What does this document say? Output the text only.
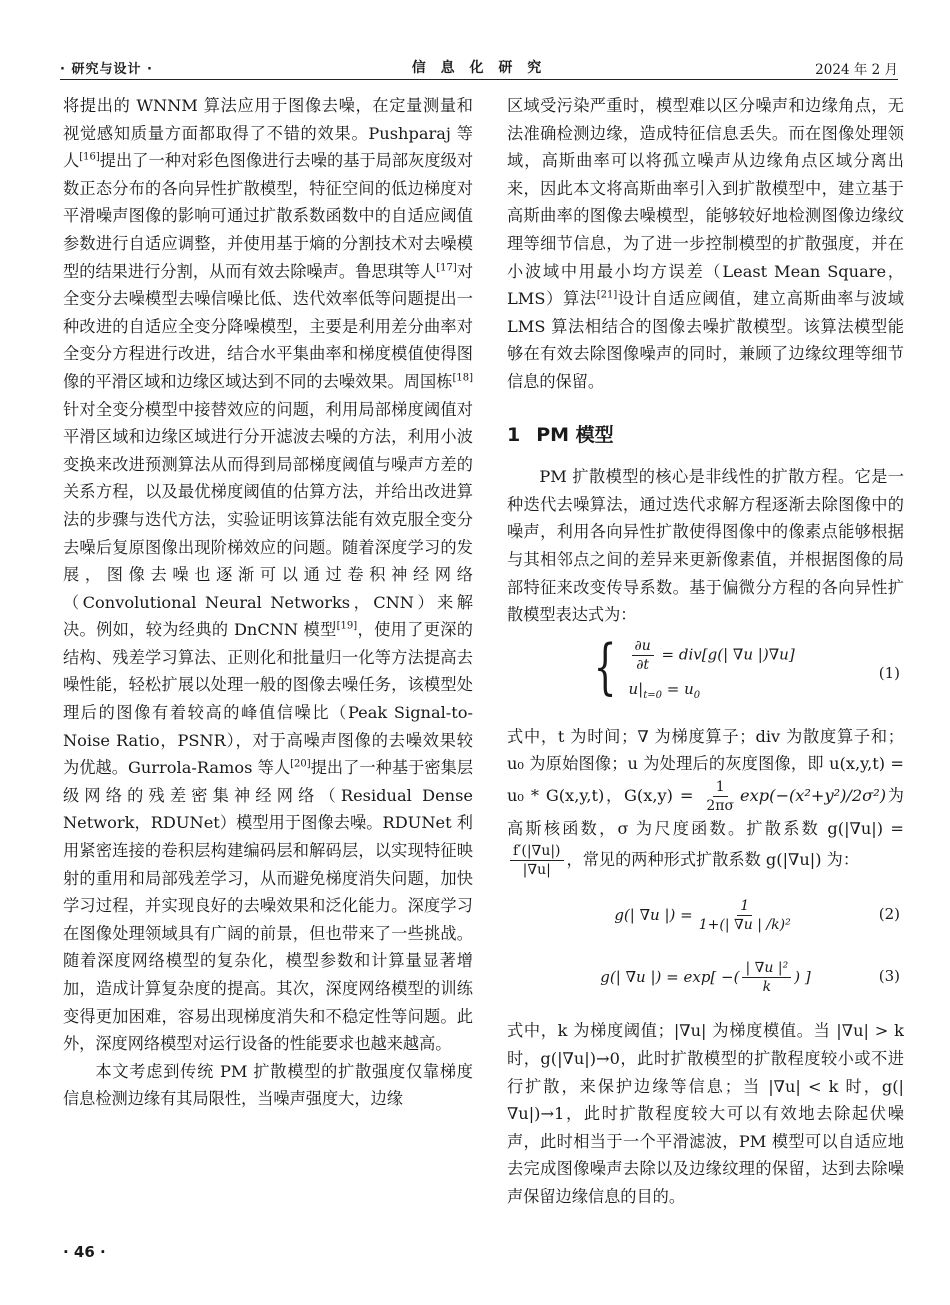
· 研究与设计 ·	信 息 化 研 究	2024 年 2 月

将提出的 WNNM 算法应用于图像去噪，在定量测量和视觉感知质量方面都取得了不错的效果。Pushparaj 等人[16]提出了一种对彩色图像进行去噪的基于局部灰度级对数正态分布的各向异性扩散模型，特征空间的低边梯度对平滑噪声图像的影响可通过扩散系数函数中的自适应阈值参数进行自适应调整，并使用基于熵的分割技术对去噪模型的结果进行分割，从而有效去除噪声。鲁思琪等人[17]对全变分去噪模型去噪信噪比低、迭代效率低等问题提出一种改进的自适应全变分降噪模型，主要是利用差分曲率对全变分方程进行改进，结合水平集曲率和梯度模值使得图像的平滑区域和边缘区域达到不同的去噪效果。周国栋[18]针对全变分模型中接替效应的问题，利用局部梯度阈值对平滑区域和边缘区域进行分开滤波去噪的方法，利用小波变换来改进预测算法从而得到局部梯度阈值与噪声方差的关系方程，以及最优梯度阈值的估算方法，并给出改进算法的步骤与迭代方法，实验证明该算法能有效克服全变分去噪后复原图像出现阶梯效应的问题。随着深度学习的发展，图像去噪也逐渐可以通过卷积神经网络（Convolutional Neural Networks，CNN）来解决。例如，较为经典的 DnCNN 模型[19]，使用了更深的结构、残差学习算法、正则化和批量归一化等方法提高去噪性能，轻松扩展以处理一般的图像去噪任务，该模型处理后的图像有着较高的峰值信噪比（Peak Signal-to-Noise Ratio，PSNR），对于高噪声图像的去噪效果较为优越。Gurrola-Ramos 等人[20]提出了一种基于密集层级网络的残差密集神经网络（Residual Dense Network，RDUNet）模型用于图像去噪。RDUNet 利用紧密连接的卷积层构建编码层和解码层，以实现特征映射的重用和局部残差学习，从而避免梯度消失问题，加快学习过程，并实现良好的去噪效果和泛化能力。深度学习在图像处理领域具有广阔的前景，但也带来了一些挑战。随着深度网络模型的复杂化，模型参数和计算量显著增加，造成计算复杂度的提高。其次，深度网络模型的训练变得更加困难，容易出现梯度消失和不稳定性等问题。此外，深度网络模型对运行设备的性能要求也越来越高。

本文考虑到传统 PM 扩散模型的扩散强度仅靠梯度信息检测边缘有其局限性，当噪声强度大，边缘

区域受污染严重时，模型难以区分噪声和边缘角点，无法准确检测边缘，造成特征信息丢失。而在图像处理领域，高斯曲率可以将孤立噪声从边缘角点区域分离出来，因此本文将高斯曲率引入到扩散模型中，建立基于高斯曲率的图像去噪模型，能够较好地检测图像边缘纹理等细节信息，为了进一步控制模型的扩散强度，并在小波域中用最小均方误差（Least Mean Square，LMS）算法[21]设计自适应阈值，建立高斯曲率与波域 LMS 算法相结合的图像去噪扩散模型。该算法模型能够在有效去除图像噪声的同时，兼顾了边缘纹理等细节信息的保留。

1 PM 模型

PM 扩散模型的核心是非线性的扩散方程。它是一种迭代去噪算法，通过迭代求解方程逐渐去除图像中的噪声，利用各向异性扩散使得图像中的像素点能够根据与其相邻点之间的差异来更新像素值，并根据图像的局部特征来改变传导系数。基于偏微分方程的各向异性扩散模型表达式为：

{ $\frac{\partial u}{\partial t} = div[g(|$ ∇u |)∇u]
$u|_{t=0} = u_0$
(1)

式中，t 为时间；∇ 为梯度算子；div 为散度算子和；u₀ 为原始图像；u 为处理后的灰度图像，即 u(x,y,t) = u₀ * G(x,y,t)，$G(x,y) = \frac{1}{2\pi\sigma} \exp(-(x^2+y^2)/2\sigma^2)$为高斯核函数，σ 为尺度函数。扩散系数 g(|∇u|) =
$\frac{f'(|\nabla u|)}{|\nabla u|}$ ，常见的两种形式扩散系数 g(|∇u|) 为：

g(| ∇u |) = $\frac{1}{\text{1+(| ∇u | /k)²}}$	(2)
g(| ∇u |) = exp[ −( $\frac{\text{| ∇u |²}}{k}$ ) ]	(3)

式中，k 为梯度阈值；|∇u| 为梯度模值。当 |∇u| > k 时，g(|∇u|)→0，此时扩散模型的扩散程度较小或不进行扩散，来保护边缘等信息；当 |∇u| < k 时，g(|∇u|)→1，此时扩散程度较大可以有效地去除起伏噪声，此时相当于一个平滑滤波，PM 模型可以自适应地去完成图像噪声去除以及边缘纹理的保留，达到去除噪声保留边缘信息的目的。

· 46 ·
